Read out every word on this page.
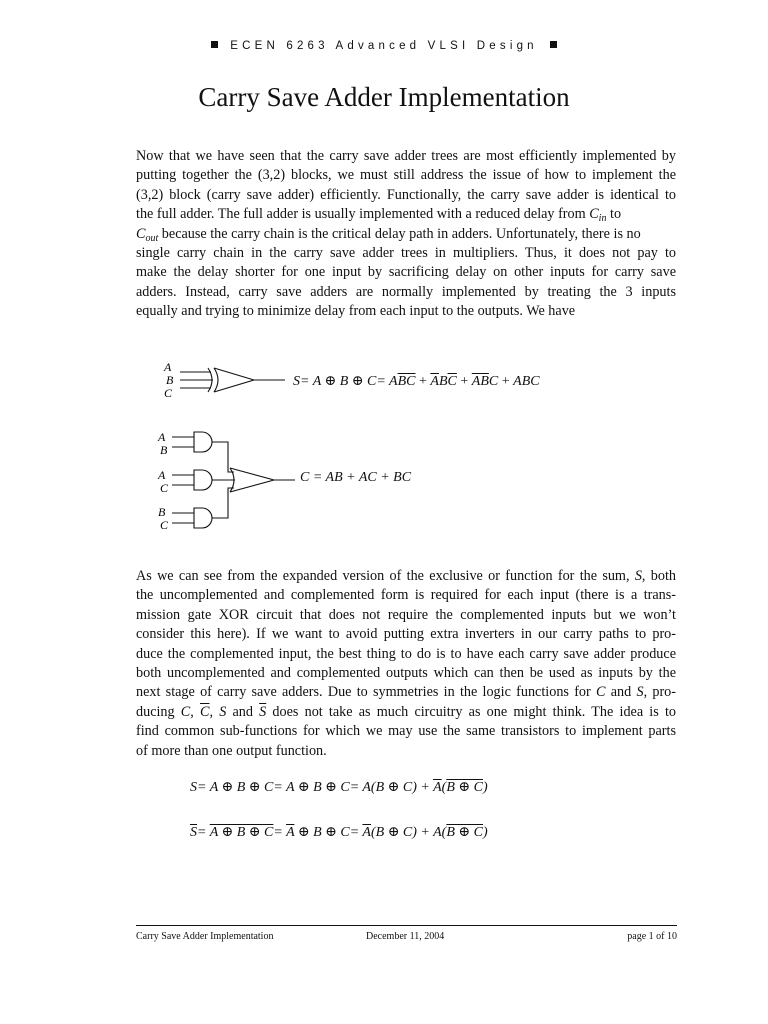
ECEN 6263 Advanced VLSI Design
Carry Save Adder Implementation
Now that we have seen that the carry save adder trees are most efficiently implemented by
putting together the (3,2) blocks, we must still address the issue of how to implement the
(3,2) block (carry save adder) efficiently. Functionally, the carry save adder is identical to
the full adder. The full adder is usually implemented with a reduced delay from $C_{in}$ to
$C_{out}$ because the carry chain is the critical delay path in adders. Unfortunately, there is no
single carry chain in the carry save adder trees in multipliers. Thus, it does not pay to
make the delay shorter for one input by sacrificing delay on other inputs for carry save
adders. Instead, carry save adders are normally implemented by treating the 3 inputs
equally and trying to minimize delay from each input to the outputs. We have
A
B
C
A
B
A
C
B
C
S= A ⊕ B ⊕ $C= A\overline{B}\overline{C} + \overline{A}B\overline{C} + \overline{A}\overline{B}C$ + ABC
C = AB + AC + BC
As we can see from the expanded version of the exclusive or function for the sum, S, both
the uncomplemented and complemented form is required for each input (there is a trans-
mission gate XOR circuit that does not require the complemented inputs but we won’t
consider this here). If we want to avoid putting extra inverters in our carry paths to pro-
duce the complemented input, the best thing to do is to have each carry save adder produce
both uncomplemented and complemented outputs which can then be used as inputs by the
next stage of carry save adders. Due to symmetries in the logic functions for C and S, pro-
ducing C, $\overline{C}$, S and $\overline{S}$ does not take as much circuitry as one might think. The idea is to
find common sub-functions for which we may use the same transistors to implement parts
of more than one output function.
S= A ⊕ B ⊕ C= A ⊕ B ⊕ C= A(B ⊕ $C) + \overline{A}(B$ ⊕ C)
$\overline{S}= A$ ⊕ B ⊕ $C= \overline{A}$ ⊕ B ⊕ $C= \overline{A}(B$ ⊕ C) + A(B ⊕ C)
Carry Save Adder Implementation	December 11, 2004	page 1 of 10
